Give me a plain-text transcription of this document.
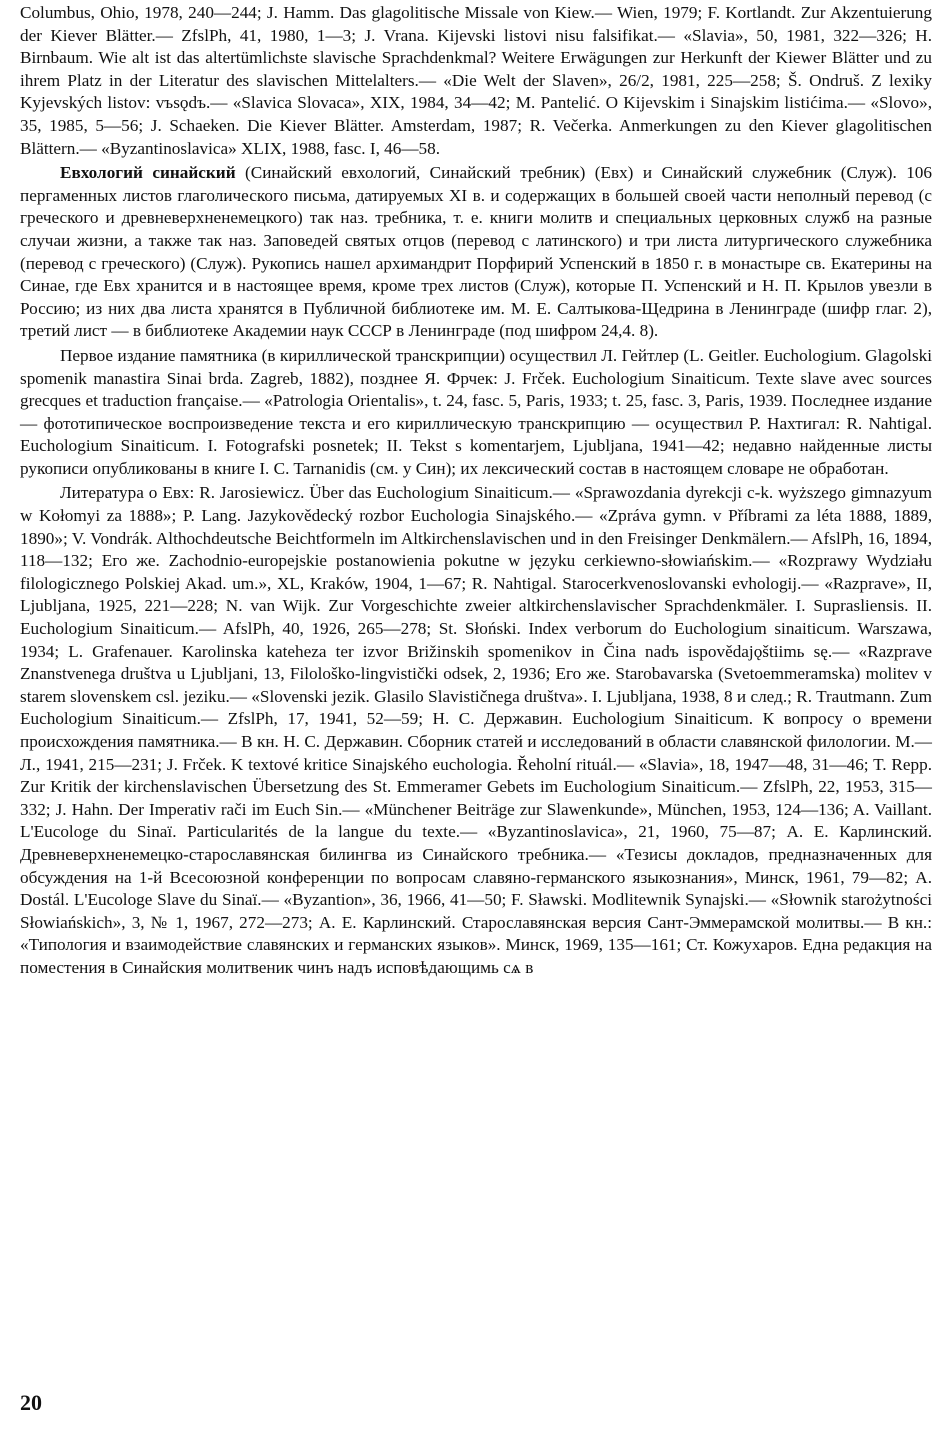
Columbus, Ohio, 1978, 240—244; J. Hamm. Das glagolitische Missale von Kiew.— Wien, 1979; F. Kortlandt. Zur Akzentuierung der Kiever Blätter.— ZfslPh, 41, 1980, 1—3; J. Vrana. Kijevski listovi nisu falsifikat.— «Slavia», 50, 1981, 322—326; H. Birnbaum. Wie alt ist das altertümlichste slavische Sprachdenkmal? Weitere Erwägungen zur Herkunft der Kiewer Blätter und zu ihrem Platz in der Literatur des slavischen Mittelalters.— «Die Welt der Slaven», 26/2, 1981, 225—258; Š. Ondruš. Z lexiky Kyjevských listov: vъsǫdъ.— «Slavica Slovaca», XIX, 1984, 34—42; M. Pantelić. O Kijevskim i Sinajskim listićima.— «Slovo», 35, 1985, 5—56; J. Schaeken. Die Kiever Blätter. Amsterdam, 1987; R. Večerka. Anmerkungen zu den Kiever glagolitischen Blättern.— «Byzantinoslavica» XLIX, 1988, fasc. I, 46—58.

Евхологий синайский (Синайский евхологий, Синайский требник) (Евх) и Синайский служебник (Служ). 106 пергаменных листов глаголического письма, датируемых XI в. и содержащих в большей своей части неполный перевод (с греческого и древневерхненемецкого) так наз. требника, т. е. книги молитв и специальных церковных служб на разные случаи жизни, а также так наз. Заповедей святых отцов (перевод с латинского) и три листа литургического служебника (перевод с греческого) (Служ). Рукопись нашел архимандрит Порфирий Успенский в 1850 г. в монастыре св. Екатерины на Синае, где Евх хранится и в настоящее время, кроме трех листов (Служ), которые П. Успенский и Н. П. Крылов увезли в Россию; из них два листа хранятся в Публичной библиотеке им. М. Е. Салтыкова-Щедрина в Ленинграде (шифр глаг. 2), третий лист — в библиотеке Академии наук СССР в Ленинграде (под шифром 24,4. 8).

Первое издание памятника (в кириллической транскрипции) осуществил Л. Гейтлер (L. Geitler. Euchologium. Glagolski spomenik manastira Sinai brda. Zagreb, 1882), позднее Я. Фрчек: J. Frček. Euchologium Sinaiticum. Texte slave avec sources grecques et traduction française.— «Patrologia Orientalis», t. 24, fasc. 5, Paris, 1933; t. 25, fasc. 3, Paris, 1939. Последнее издание — фототипическое воспроизведение текста и его кириллическую транскрипцию — осуществил Р. Нахтигал: R. Nahtigal. Euchologium Sinaiticum. I. Fotografski posnetek; II. Tekst s komentarjem, Ljubljana, 1941—42; недавно найденные листы рукописи опубликованы в книге I. C. Tarnanidis (см. у Син); их лексический состав в настоящем словаре не обработан.

Литература о Евх: R. Jarosiewicz. Über das Euchologium Sinaiticum.— «Sprawozdania dyrekcji c-k. wyższego gimnazyum w Kołomyi za 1888»; P. Lang. Jazykovědecký rozbor Euchologia Sinajského.— «Zpráva gymn. v Příbrami za léta 1888, 1889, 1890»; V. Vondrák. Althochdeutsche Beichtformeln im Altkirchenslavischen und in den Freisinger Denkmälern.— AfslPh, 16, 1894, 118—132; Его же. Zachodnio-europejskie postanowienia pokutne w języku cerkiewno-słowiańskim.— «Rozprawy Wydziału filologicznego Polskiej Akad. um.», XL, Kraków, 1904, 1—67; R. Nahtigal. Starocerkvenoslovanski evhologij.— «Razprave», II, Ljubljana, 1925, 221—228; N. van Wijk. Zur Vorgeschichte zweier altkirchenslavischer Sprachdenkmäler. I. Suprasliensis. II. Euchologium Sinaiticum.— AfslPh, 40, 1926, 265—278; St. Słoński. Index verborum do Euchologium sinaiticum. Warszawa, 1934; L. Grafenauer. Karolinska kateheza ter izvor Brižinskih spomenikov in Čina nadъ ispovědajǫštiimь sę.— «Razprave Znanstvenega društva u Ljubljani, 13, Filološko-lingvistički odsek, 2, 1936; Его же. Starobavarska (Svetoemmeramska) molitev v starem slovenskem csl. jeziku.— «Slovenski jezik. Glasilo Slavističnega društva». I. Ljubljana, 1938, 8 и след.; R. Trautmann. Zum Euchologium Sinaiticum.— ZfslPh, 17, 1941, 52—59; Н. С. Державин. Euchologium Sinaiticum. К вопросу о времени происхождения памятника.— В кн. Н. С. Державин. Сборник статей и исследований в области славянской филологии. М.— Л., 1941, 215—231; J. Frček. K textové kritice Sinajského euchologia. Řeholní rituál.— «Slavia», 18, 1947—48, 31—46; T. Repp. Zur Kritik der kirchenslavischen Übersetzung des St. Emmeramer Gebets im Euchologium Sinaiticum.— ZfslPh, 22, 1953, 315—332; J. Hahn. Der Imperativ rači im Euch Sin.— «Münchener Beiträge zur Slawenkunde», München, 1953, 124—136; A. Vaillant. L'Eucologe du Sinaï. Particularités de la langue du texte.— «Byzantinoslavica», 21, 1960, 75—87; А. Е. Карлинский. Древневерхненемецко-старославянская билингва из Синайского требника.— «Тезисы докладов, предназначенных для обсуждения на 1-й Всесоюзной конференции по вопросам славяно-германского языкознания», Минск, 1961, 79—82; A. Dostál. L'Eucologe Slave du Sinaï.— «Byzantion», 36, 1966, 41—50; F. Sławski. Modlitewnik Synajski.— «Słownik starożytności Słowiańskich», 3, № 1, 1967, 272—273; А. Е. Карлинский. Старославянская версия Сант-Эммерамской молитвы.— В кн.: «Типология и взаимодействие славянских и германских языков». Минск, 1969, 135—161; Ст. Кожухаров. Една редакция на поместения в Синайския молитвеник чинъ надъ исповѣдающимь сѧ в

20
